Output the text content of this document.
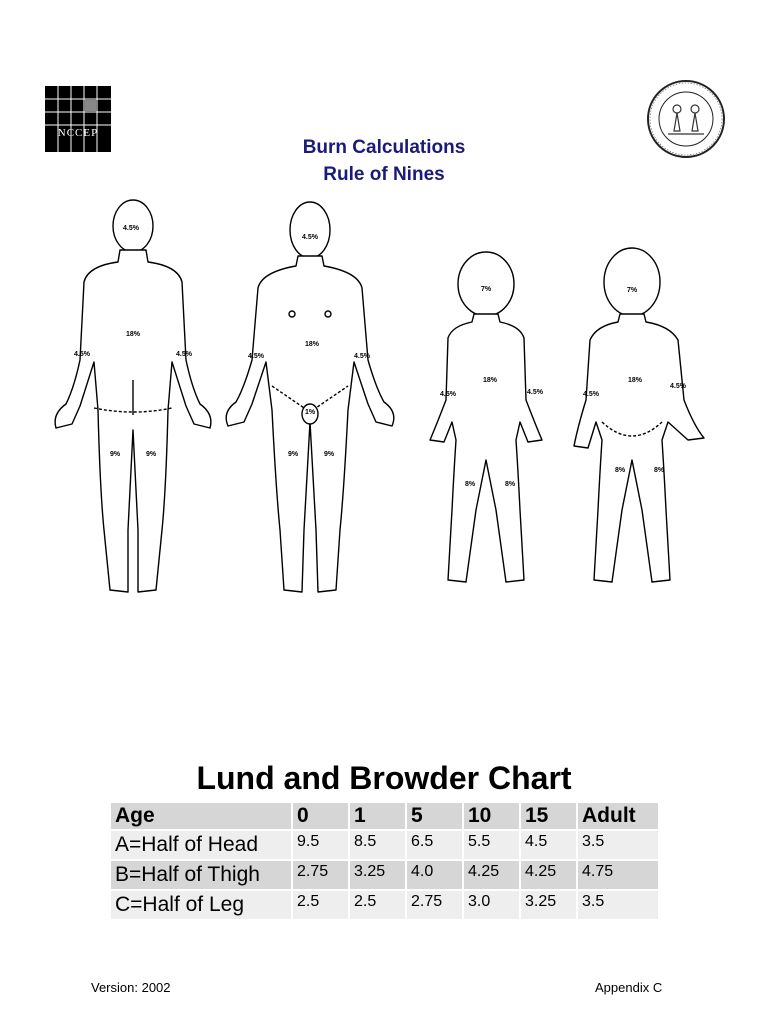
NCCEP
Burn Calculations
Rule of Nines
4.5%
18%
4.5%	4.5%
9%	9%
4.5%
18%
4.5%	4.5%
1%
9%	9%
7%
18%
4.5%	4.5%
8%	8%
7%
18%
4.5%
4.5%
8%	8%
Lund and Browder Chart
Age	0	1	5	10	15	Adult
A=Half of Head	9.5	8.5	6.5	5.5	4.5	3.5
B=Half of Thigh	2.75	3.25	4.0	4.25	4.25	4.75
C=Half of Leg	2.5	2.5	2.75	3.0	3.25	3.5
Version: 2002	Appendix C
